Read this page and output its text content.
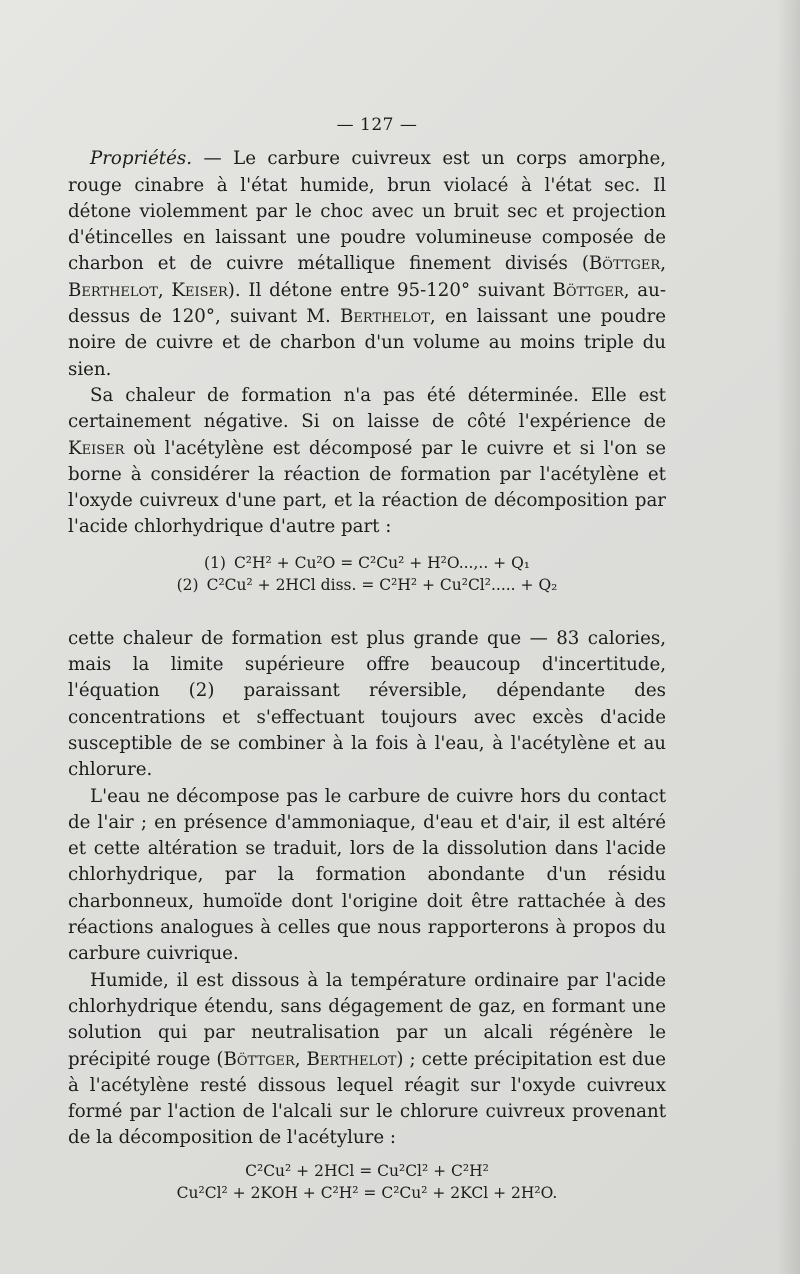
— 127 —

Propriétés. — Le carbure cuivreux est un corps amorphe, rouge cinabre à l'état humide, brun violacé à l'état sec. Il détone violemment par le choc avec un bruit sec et projection d'étincelles en laissant une poudre volumineuse composée de charbon et de cuivre métallique finement divisés (Böttger, Berthelot, Keiser). Il détone entre 95-120° suivant Böttger, au-dessus de 120°, suivant M. Berthelot, en laissant une poudre noire de cuivre et de charbon d'un volume au moins triple du sien.

Sa chaleur de formation n'a pas été déterminée. Elle est certainement négative. Si on laisse de côté l'expérience de Keiser où l'acétylène est décomposé par le cuivre et si l'on se borne à considérer la réaction de formation par l'acétylène et l'oxyde cuivreux d'une part, et la réaction de décomposition par l'acide chlorhydrique d'autre part :

(1) C²H² + Cu²O = C²Cu² + H²O...,.. + Q₁
(2) C²Cu² + 2HCl diss. = C²H² + Cu²Cl²..... + Q₂

cette chaleur de formation est plus grande que — 83 calories, mais la limite supérieure offre beaucoup d'incertitude, l'équation (2) paraissant réversible, dépendante des concentrations et s'effectuant toujours avec excès d'acide susceptible de se combiner à la fois à l'eau, à l'acétylène et au chlorure.

L'eau ne décompose pas le carbure de cuivre hors du contact de l'air ; en présence d'ammoniaque, d'eau et d'air, il est altéré et cette altération se traduit, lors de la dissolution dans l'acide chlorhydrique, par la formation abondante d'un résidu charbonneux, humoïde dont l'origine doit être rattachée à des réactions analogues à celles que nous rapporterons à propos du carbure cuivrique.

Humide, il est dissous à la température ordinaire par l'acide chlorhydrique étendu, sans dégagement de gaz, en formant une solution qui par neutralisation par un alcali régénère le précipité rouge (Böttger, Berthelot) ; cette précipitation est due à l'acétylène resté dissous lequel réagit sur l'oxyde cuivreux formé par l'action de l'alcali sur le chlorure cuivreux provenant de la décomposition de l'acétylure :

C²Cu² + 2HCl = Cu²Cl² + C²H²
Cu²Cl² + 2KOH + C²H² = C²Cu² + 2KCl + 2H²O.
